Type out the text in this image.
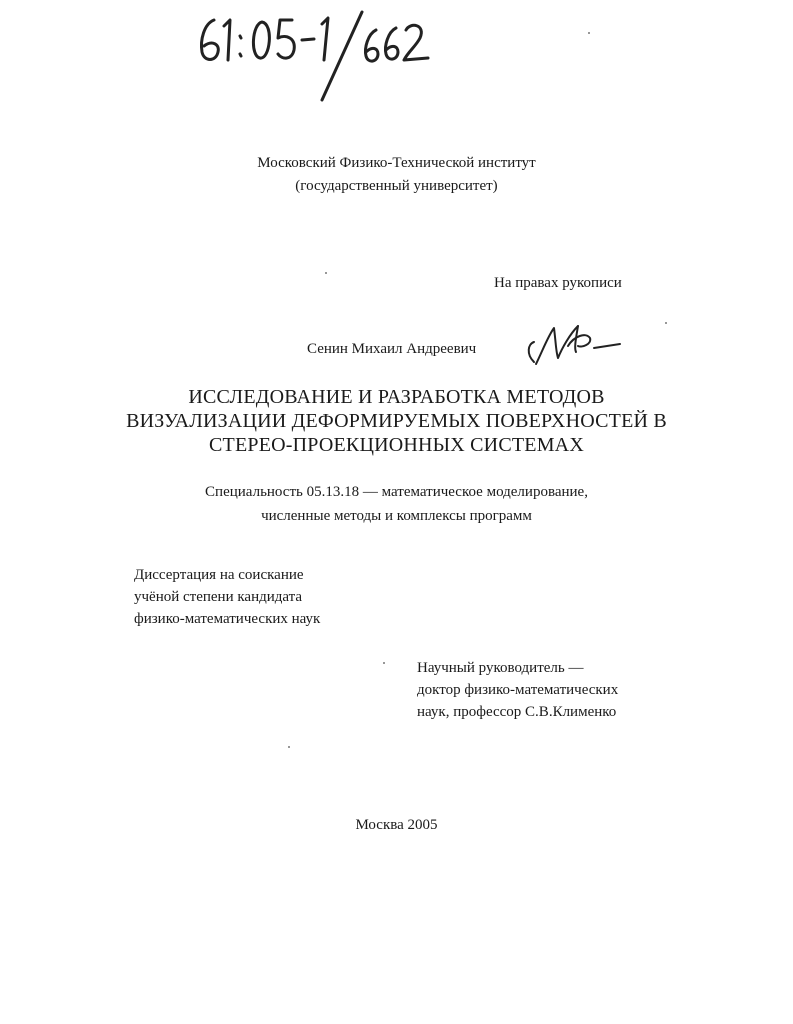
Московский Физико-Технической институт
(государственный университет)
На правах рукописи
Сенин Михаил Андреевич
ИССЛЕДОВАНИЕ И РАЗРАБОТКА МЕТОДОВ
ВИЗУАЛИЗАЦИИ ДЕФОРМИРУЕМЫХ ПОВЕРХНОСТЕЙ В
СТЕРЕО-ПРОЕКЦИОННЫХ СИСТЕМАХ
Специальность 05.13.18 — математическое моделирование,
численные методы и комплексы программ
Диссертация на соискание
учёной степени кандидата
физико-математических наук
Научный руководитель —
доктор физико-математических
наук, профессор С.В.Клименко
Москва 2005
